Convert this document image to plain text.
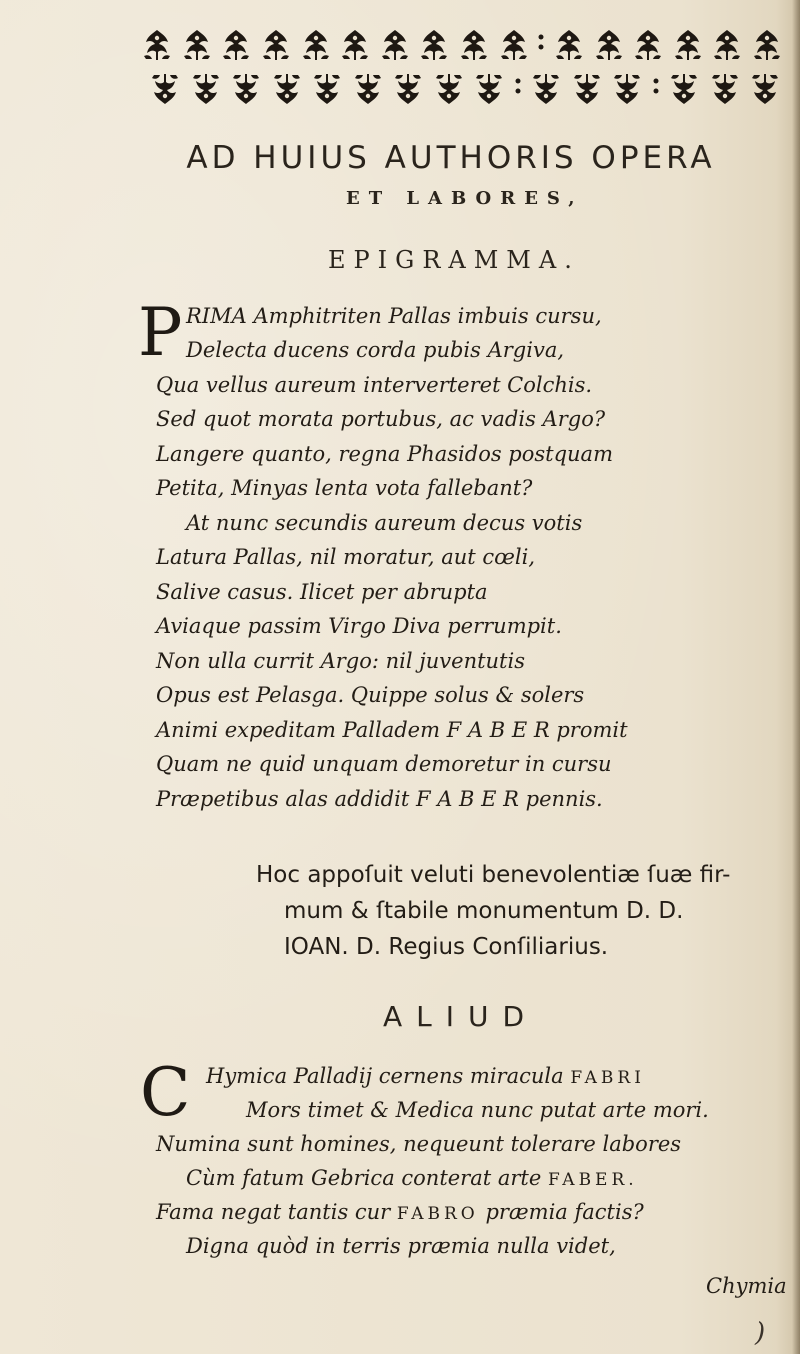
AD HUIUS AUTHORIS OPERA
ET LABORES,
EPIGRAMMA.
P RIMA Amphitriten Pallas imbuis cursu,
Delecta ducens corda pubis Argiva,
Qua vellus aureum interverteret Colchis.
Sed quot morata portubus, ac vadis Argo?
Langere quanto, regna Phasidos postquam
Petita, Minyas lenta vota fallebant?
At nunc secundis aureum decus votis
Latura Pallas, nil moratur, aut cœli,
Salive casus. Ilicet per abrupta
Aviaque passim Virgo Diva perrumpit.
Non ulla currit Argo: nil juventutis
Opus est Pelasga. Quippe solus & solers
Animi expeditam Palladem F A B E R promit
Quam ne quid unquam demoretur in cursu
Præpetibus alas addidit F A B E R pennis.
Hoc appoſuit veluti benevolentiæ ſuæ fir-
mum & ſtabile monumentum D. D.
IOAN. D. Regius Conſiliarius.
ALIUD
C Hymica Palladij cernens miracula FABRI
Mors timet & Medica nunc putat arte mori.
Numina sunt homines, nequeunt tolerare labores
Cùm fatum Gebrica conterat arte FABER.
Fama negat tantis cur FABRO præmia factis?
Digna quòd in terris præmia nulla videt,
Chymia
)
